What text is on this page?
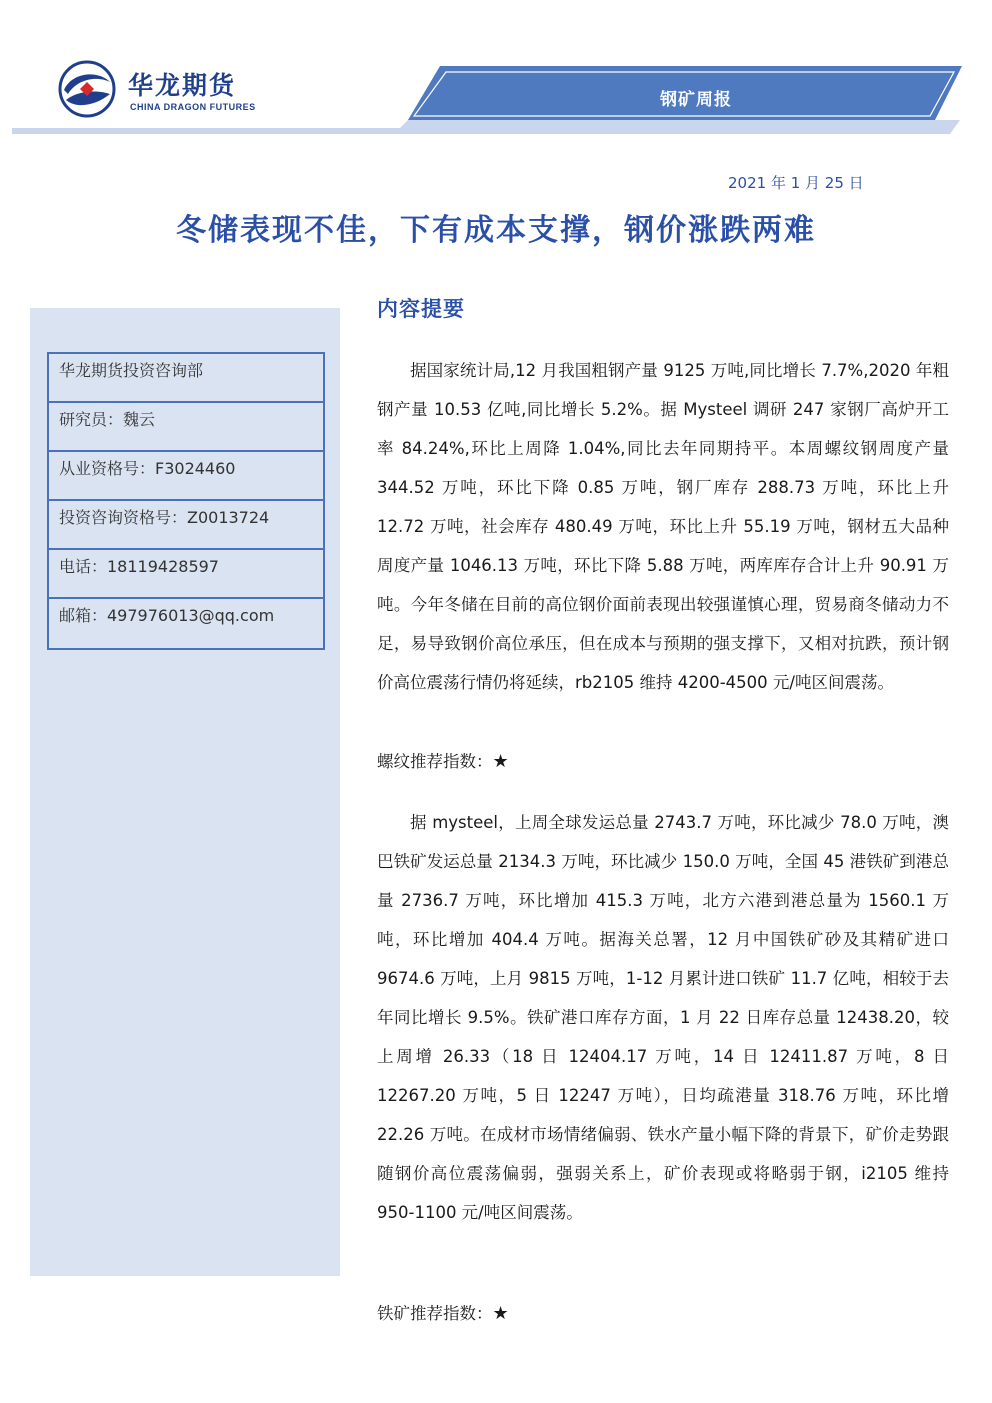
华龙期货
CHINA DRAGON FUTURES	钢矿周报
2021 年 1 月 25 日
冬储表现不佳，下有成本支撑，钢价涨跌两难
华龙期货投资咨询部
研究员：魏云
从业资格号：F3024460
投资咨询资格号：Z0013724
电话：18119428597
邮箱：497976013@qq.com
内容提要

据国家统计局,12 月我国粗钢产量 9125 万吨,同比增长 7.7%,2020 年粗钢产量 10.53 亿吨,同比增长 5.2%。据 Mysteel 调研 247 家钢厂高炉开工率 84.24%,环比上周降 1.04%,同比去年同期持平。本周螺纹钢周度产量 344.52 万吨，环比下降 0.85 万吨，钢厂库存 288.73 万吨，环比上升 12.72 万吨，社会库存 480.49 万吨，环比上升 55.19 万吨，钢材五大品种周度产量 1046.13 万吨，环比下降 5.88 万吨，两库库存合计上升 90.91 万吨。今年冬储在目前的高位钢价面前表现出较强谨慎心理，贸易商冬储动力不足，易导致钢价高位承压，但在成本与预期的强支撑下，又相对抗跌，预计钢价高位震荡行情仍将延续，rb2105 维持 4200-4500 元/吨区间震荡。

螺纹推荐指数：★

据 mysteel，上周全球发运总量 2743.7 万吨，环比减少 78.0 万吨，澳巴铁矿发运总量 2134.3 万吨，环比减少 150.0 万吨，全国 45 港铁矿到港总量 2736.7 万吨，环比增加 415.3 万吨，北方六港到港总量为 1560.1 万吨，环比增加 404.4 万吨。据海关总署，12 月中国铁矿砂及其精矿进口 9674.6 万吨，上月 9815 万吨，1-12 月累计进口铁矿 11.7 亿吨，相较于去年同比增长 9.5%。铁矿港口库存方面，1 月 22 日库存总量 12438.20，较上周增 26.33（18 日 12404.17 万吨，14 日 12411.87 万吨，8 日 12267.20 万吨，5 日 12247 万吨），日均疏港量 318.76 万吨，环比增 22.26 万吨。在成材市场情绪偏弱、铁水产量小幅下降的背景下，矿价走势跟随钢价高位震荡偏弱，强弱关系上，矿价表现或将略弱于钢，i2105 维持 950-1100 元/吨区间震荡。

铁矿推荐指数：★
